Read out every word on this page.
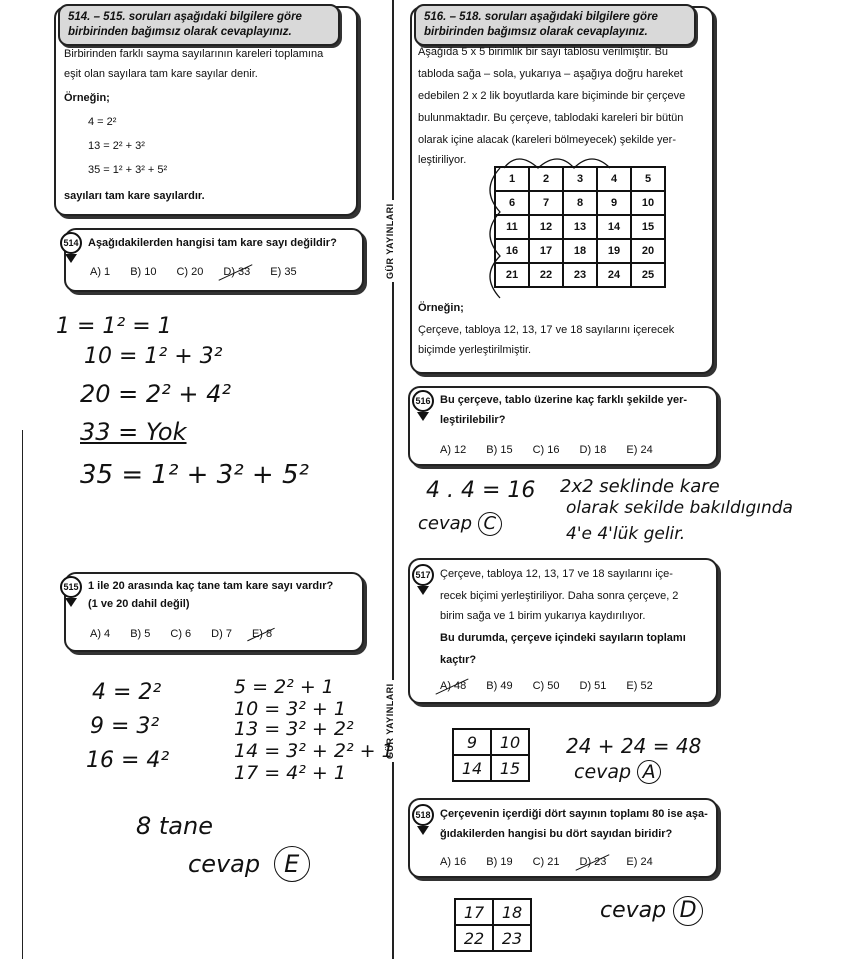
GÜR YAYINLARI
GÜR YAYINLARI
514. – 515. soruları aşağıdaki bilgilere göre birbirinden bağımsız olarak cevaplayınız.
Birbirinden farklı sayma sayılarının kareleri toplamına
eşit olan sayılara tam kare sayılar denir.
Örneğin;
4 = 2²
13 = 2² + 3²
35 = 1² + 3² + 5²
sayıları tam kare sayılardır.
514 Aşağıdakilerden hangisi tam kare sayı değildir?
A) 1 B) 10 C) 20 D) 33 E) 35
1 = 1² = 1
10 = 1² + 3²
20 = 2² + 4²
33 = Yok
35 = 1² + 3² + 5²
515 1 ile 20 arasında kaç tane tam kare sayı vardır?
(1 ve 20 dahil değil)
A) 4 B) 5 C) 6 D) 7 E) 8
4 = 2²
9 = 3²
16 = 4²
5 = 2² + 1
10 = 3² + 1
13 = 3² + 2²
14 = 3² + 2² + 1
17 = 4² + 1
8 tane
cevap E
516. – 518. soruları aşağıdaki bilgilere göre birbirinden bağımsız olarak cevaplayınız.
Aşağıda 5 x 5 birimlik bir sayı tablosu verilmiştir. Bu
tabloda sağa – sola, yukarıya – aşağıya doğru hareket
edebilen 2 x 2 lik boyutlarda kare biçiminde bir çerçeve
bulunmaktadır. Bu çerçeve, tablodaki kareleri bir bütün
olarak içine alacak (kareleri bölmeyecek) şekilde yer-
leştiriliyor.
1	2	3	4	5
6	7	8	9	10
11	12	13	14	15
16	17	18	19	20
21	22	23	24	25
Örneğin;
Çerçeve, tabloya 12, 13, 17 ve 18 sayılarını içerecek biçimde yerleştirilmiştir.
516 Bu çerçeve, tablo üzerine kaç farklı şekilde yer-
leştirilebilir?
A) 12 B) 15 C) 16 D) 18 E) 24
4 . 4 = 16
cevap C
2x2 seklinde kare
olarak sekilde bakıldıgında
4'e 4'lük gelir.
517 Çerçeve, tabloya 12, 13, 17 ve 18 sayılarını içe-
recek biçimi yerleştiriliyor. Daha sonra çerçeve, 2
birim sağa ve 1 birim yukarıya kaydırılıyor.
Bu durumda, çerçeve içindeki sayıların toplamı
kaçtır?
A) 48 B) 49 C) 50 D) 51 E) 52
9	10
14	15
24 + 24 = 48
cevap A
518 Çerçevenin içerdiği dört sayının toplamı 80 ise aşa-
ğıdakilerden hangisi bu dört sayıdan biridir?
A) 16 B) 19 C) 21 D) 23 E) 24
17	18
22	23
cevap D
